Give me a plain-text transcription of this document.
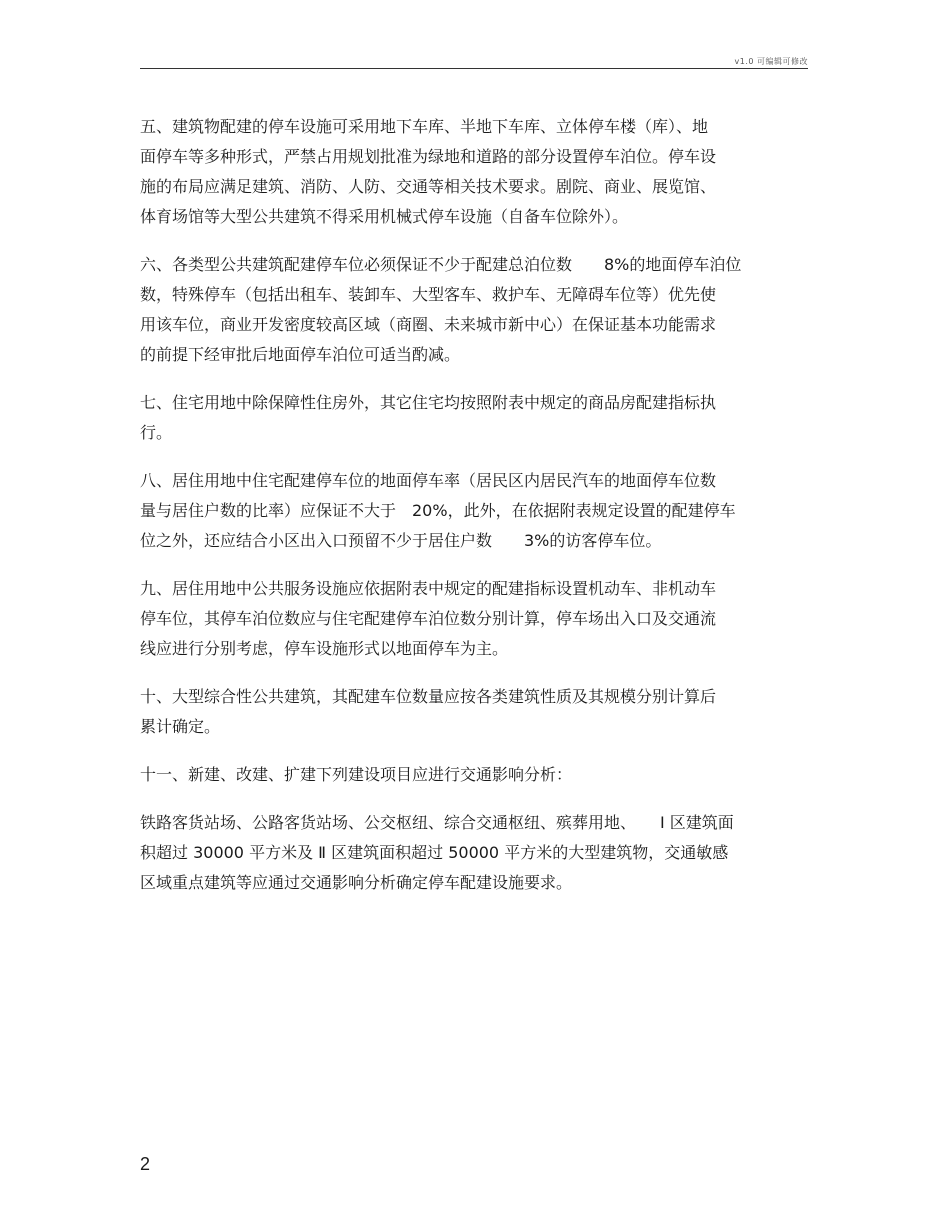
v1.0 可编辑可修改

五、建筑物配建的停车设施可采用地下车库、半地下车库、立体停车楼（库）、地
面停车等多种形式，严禁占用规划批准为绿地和道路的部分设置停车泊位。停车设
施的布局应满足建筑、消防、人防、交通等相关技术要求。剧院、商业、展览馆、
体育场馆等大型公共建筑不得采用机械式停车设施（自备车位除外）。

六、各类型公共建筑配建停车位必须保证不少于配建总泊位数　　8%的地面停车泊位
数，特殊停车（包括出租车、装卸车、大型客车、救护车、无障碍车位等）优先使
用该车位，商业开发密度较高区域（商圈、未来城市新中心）在保证基本功能需求
的前提下经审批后地面停车泊位可适当酌减。

七、住宅用地中除保障性住房外，其它住宅均按照附表中规定的商品房配建指标执
行。

八、居住用地中住宅配建停车位的地面停车率（居民区内居民汽车的地面停车位数
量与居住户数的比率）应保证不大于　20%，此外，在依据附表规定设置的配建停车
位之外，还应结合小区出入口预留不少于居住户数　　3%的访客停车位。

九、居住用地中公共服务设施应依据附表中规定的配建指标设置机动车、非机动车
停车位，其停车泊位数应与住宅配建停车泊位数分别计算，停车场出入口及交通流
线应进行分别考虑，停车设施形式以地面停车为主。

十、大型综合性公共建筑，其配建车位数量应按各类建筑性质及其规模分别计算后
累计确定。

十一、新建、改建、扩建下列建设项目应进行交通影响分析：

铁路客货站场、公路客货站场、公交枢纽、综合交通枢纽、殡葬用地、　　Ⅰ 区建筑面
积超过 30000 平方米及 Ⅱ 区建筑面积超过 50000 平方米的大型建筑物，交通敏感
区域重点建筑等应通过交通影响分析确定停车配建设施要求。

2
